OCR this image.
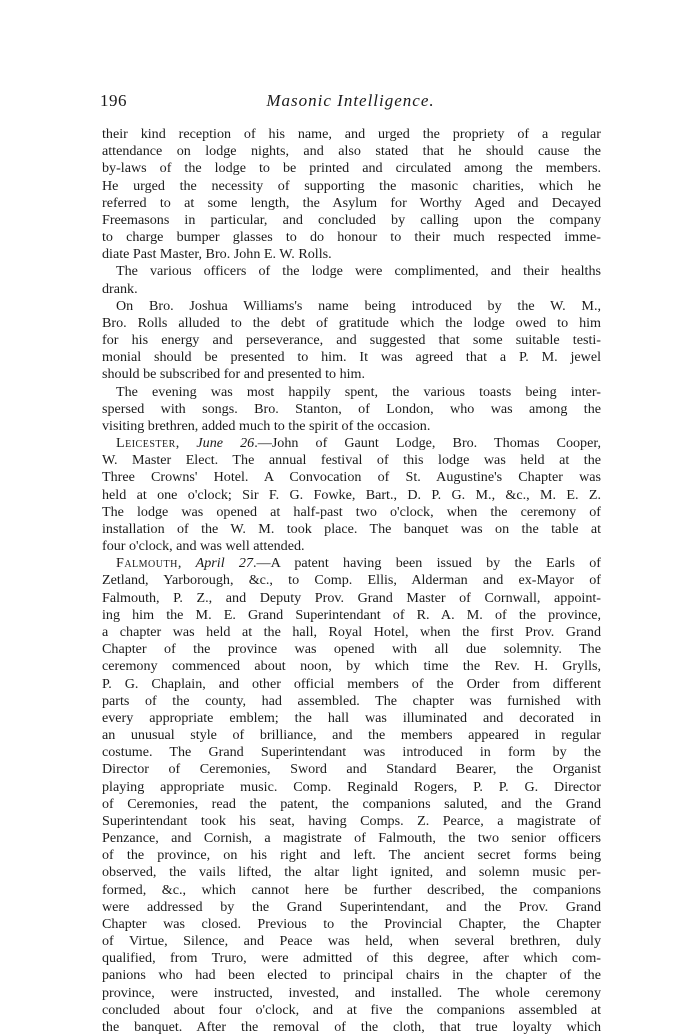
196	Masonic Intelligence.
their kind reception of his name, and urged the propriety of a regular
attendance on lodge nights, and also stated that he should cause the
by-laws of the lodge to be printed and circulated among the members.
He urged the necessity of supporting the masonic charities, which he
referred to at some length, the Asylum for Worthy Aged and Decayed
Freemasons in particular, and concluded by calling upon the company
to charge bumper glasses to do honour to their much respected imme-
diate Past Master, Bro. John E. W. Rolls.
The various officers of the lodge were complimented, and their healths
drank.
On Bro. Joshua Williams's name being introduced by the W. M.,
Bro. Rolls alluded to the debt of gratitude which the lodge owed to him
for his energy and perseverance, and suggested that some suitable testi-
monial should be presented to him. It was agreed that a P. M. jewel
should be subscribed for and presented to him.
The evening was most happily spent, the various toasts being inter-
spersed with songs. Bro. Stanton, of London, who was among the
visiting brethren, added much to the spirit of the occasion.
Leicester, June 26.—John of Gaunt Lodge, Bro. Thomas Cooper,
W. Master Elect. The annual festival of this lodge was held at the
Three Crowns' Hotel. A Convocation of St. Augustine's Chapter was
held at one o'clock; Sir F. G. Fowke, Bart., D. P. G. M., &c., M. E. Z.
The lodge was opened at half-past two o'clock, when the ceremony of
installation of the W. M. took place. The banquet was on the table at
four o'clock, and was well attended.
Falmouth, April 27.—A patent having been issued by the Earls of
Zetland, Yarborough, &c., to Comp. Ellis, Alderman and ex-Mayor of
Falmouth, P. Z., and Deputy Prov. Grand Master of Cornwall, appoint-
ing him the M. E. Grand Superintendant of R. A. M. of the province,
a chapter was held at the hall, Royal Hotel, when the first Prov. Grand
Chapter of the province was opened with all due solemnity. The
ceremony commenced about noon, by which time the Rev. H. Grylls,
P. G. Chaplain, and other official members of the Order from different
parts of the county, had assembled. The chapter was furnished with
every appropriate emblem; the hall was illuminated and decorated in
an unusual style of brilliance, and the members appeared in regular
costume. The Grand Superintendant was introduced in form by the
Director of Ceremonies, Sword and Standard Bearer, the Organist
playing appropriate music. Comp. Reginald Rogers, P. P. G. Director
of Ceremonies, read the patent, the companions saluted, and the Grand
Superintendant took his seat, having Comps. Z. Pearce, a magistrate of
Penzance, and Cornish, a magistrate of Falmouth, the two senior officers
of the province, on his right and left. The ancient secret forms being
observed, the vails lifted, the altar light ignited, and solemn music per-
formed, &c., which cannot here be further described, the companions
were addressed by the Grand Superintendant, and the Prov. Grand
Chapter was closed. Previous to the Provincial Chapter, the Chapter
of Virtue, Silence, and Peace was held, when several brethren, duly
qualified, from Truro, were admitted of this degree, after which com-
panions who had been elected to principal chairs in the chapter of the
province, were instructed, invested, and installed. The whole ceremony
concluded about four o'clock, and at five the companions assembled at
the banquet. After the removal of the cloth, that true loyalty which
